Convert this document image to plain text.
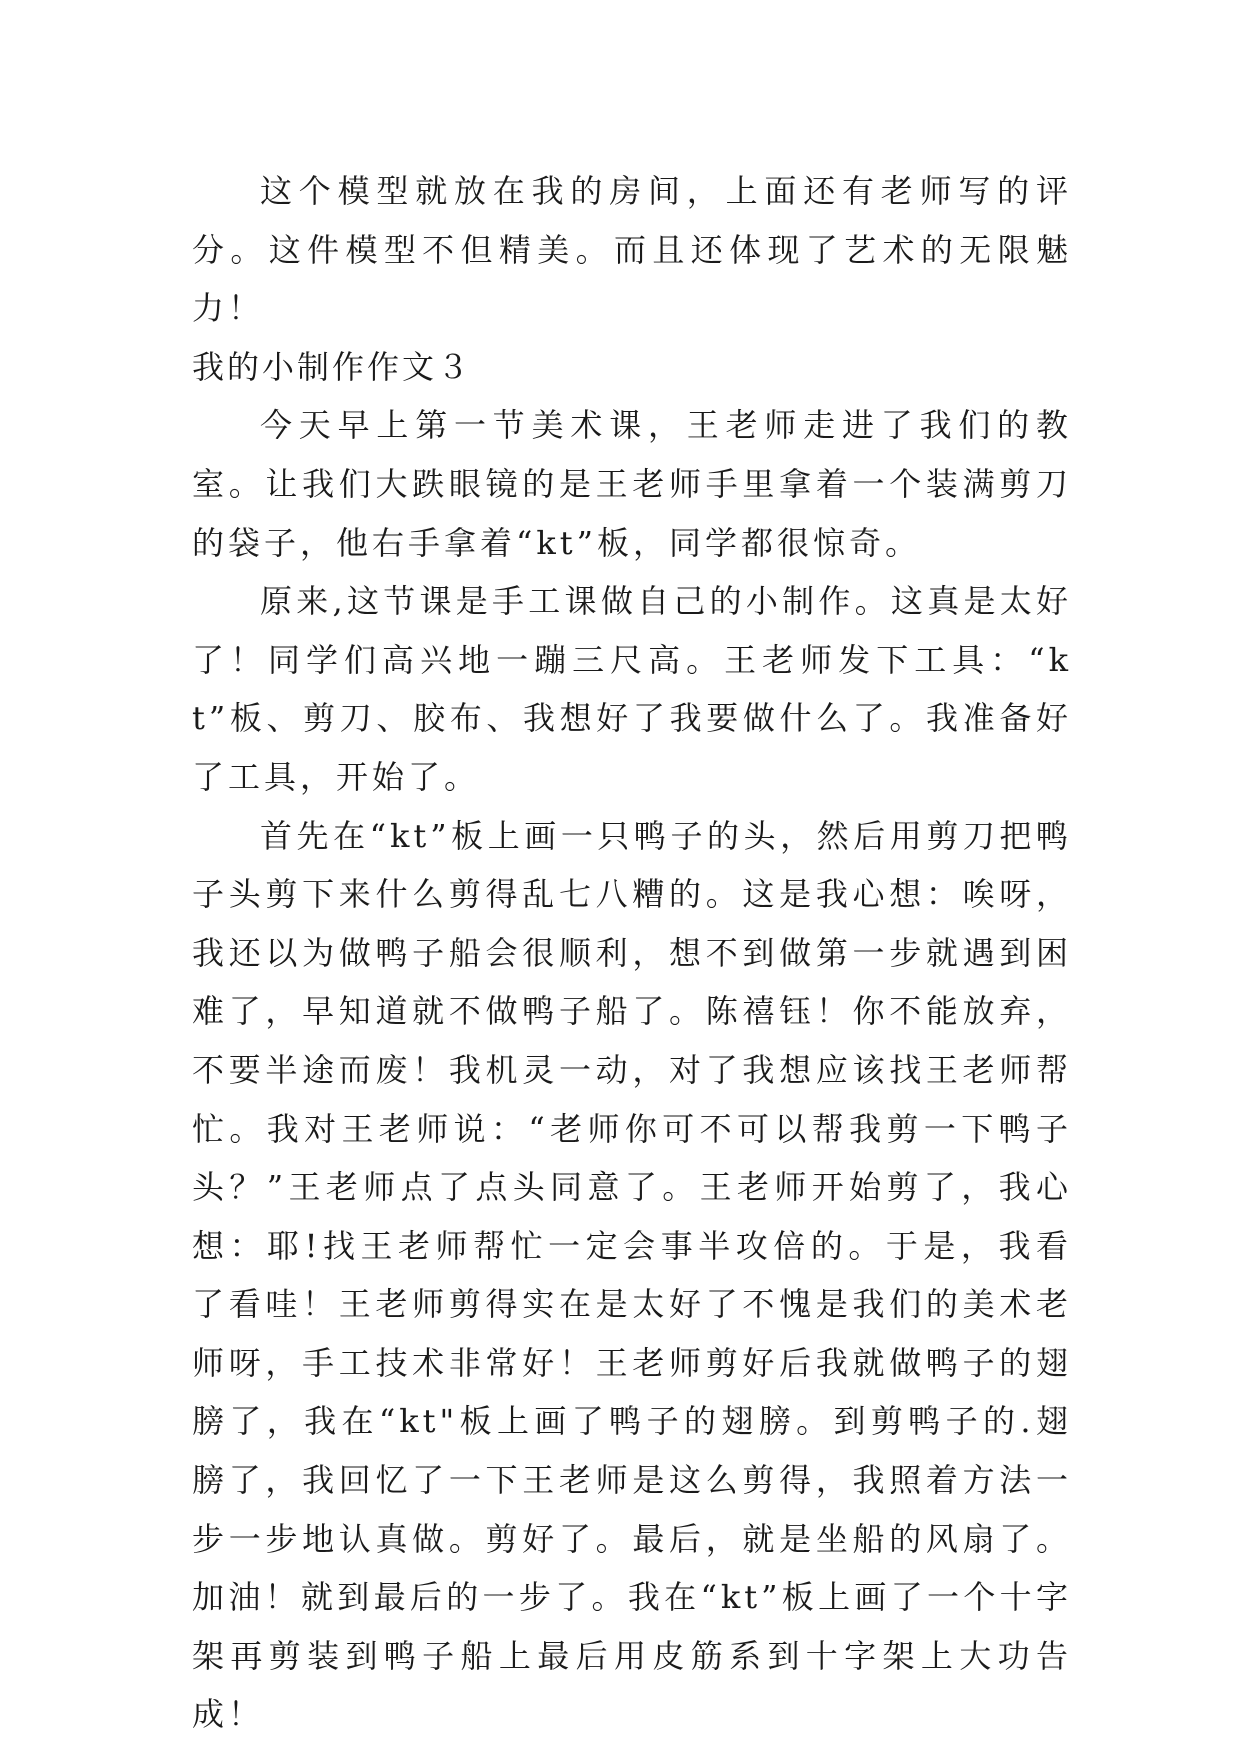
这个模型就放在我的房间，上面还有老师写的评分。这件模型不但精美。而且还体现了艺术的无限魅力！

我的小制作作文３

今天早上第一节美术课，王老师走进了我们的教室。让我们大跌眼镜的是王老师手里拿着一个装满剪刀的袋子，他右手拿着“kt”板，同学都很惊奇。

原来,这节课是手工课做自己的小制作。这真是太好了！同学们高兴地一蹦三尺高。王老师发下工具：“kt”板、剪刀、胶布、我想好了我要做什么了。我准备好了工具，开始了。

首先在“kt”板上画一只鸭子的头，然后用剪刀把鸭子头剪下来什么剪得乱七八糟的。这是我心想：唉呀，我还以为做鸭子船会很顺利，想不到做第一步就遇到困难了，早知道就不做鸭子船了。陈禧钰！你不能放弃，不要半途而废！我机灵一动，对了我想应该找王老师帮忙。我对王老师说：“老师你可不可以帮我剪一下鸭子头？”王老师点了点头同意了。王老师开始剪了，我心想：耶!找王老师帮忙一定会事半攻倍的。于是，我看了看哇！王老师剪得实在是太好了不愧是我们的美术老师呀，手工技术非常好！王老师剪好后我就做鸭子的翅膀了，我在“kt"板上画了鸭子的翅膀。到剪鸭子的.翅膀了，我回忆了一下王老师是这么剪得，我照着方法一步一步地认真做。剪好了。最后，就是坐船的风扇了。加油！就到最后的一步了。我在“kt”板上画了一个十字架再剪装到鸭子船上最后用皮筋系到十字架上大功告成！
